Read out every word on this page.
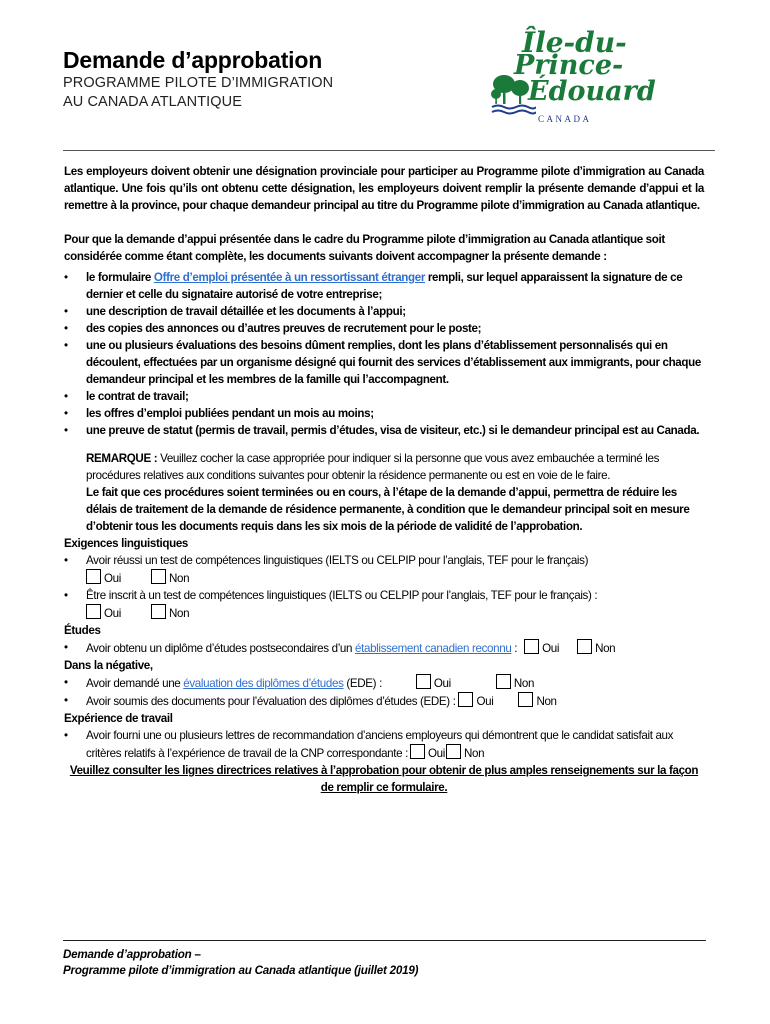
Demande d’approbation
PROGRAMME PILOTE D’IMMIGRATION
AU CANADA ATLANTIQUE
Île-du-
Prince-
Édouard
CANADA

Les employeurs doivent obtenir une désignation provinciale pour participer au Programme pilote d’immigration au Canada atlantique. Une fois qu’ils ont obtenu cette désignation, les employeurs doivent remplir la présente demande d’appui et la remettre à la province, pour chaque demandeur principal au titre du Programme pilote d’immigration au Canada atlantique.

Pour que la demande d’appui présentée dans le cadre du Programme pilote d’immigration au Canada atlantique soit considérée comme étant complète, les documents suivants doivent accompagner la présente demande :

• le formulaire Offre d’emploi présentée à un ressortissant étranger rempli, sur lequel apparaissent la signature de ce dernier et celle du signataire autorisé de votre entreprise;
• une description de travail détaillée et les documents à l’appui;
• des copies des annonces ou d’autres preuves de recrutement pour le poste;
• une ou plusieurs évaluations des besoins dûment remplies, dont les plans d’établissement personnalisés qui en découlent, effectuées par un organisme désigné qui fournit des services d’établissement aux immigrants, pour chaque demandeur principal et les membres de la famille qui l’accompagnent.
• le contrat de travail;
• les offres d’emploi publiées pendant un mois au moins;
• une preuve de statut (permis de travail, permis d’études, visa de visiteur, etc.) si le demandeur principal est au Canada.

REMARQUE : Veuillez cocher la case appropriée pour indiquer si la personne que vous avez embauchée a terminé les procédures relatives aux conditions suivantes pour obtenir la résidence permanente ou est en voie de le faire.

Le fait que ces procédures soient terminées ou en cours, à l’étape de la demande d’appui, permettra de réduire les délais de traitement de la demande de résidence permanente, à condition que le demandeur principal soit en mesure d’obtenir tous les documents requis dans les six mois de la période de validité de l’approbation.

Exigences linguistiques

• Avoir réussi un test de compétences linguistiques (IELTS ou CELPIP pour l’anglais, TEF pour le français)
Oui	Non
• Être inscrit à un test de compétences linguistiques (IELTS ou CELPIP pour l’anglais, TEF pour le français) :
Oui	Non

Études

• Avoir obtenu un diplôme d’études postsecondaires d’un établissement canadien reconnu : Oui	Non

Dans la négative,

• Avoir demandé une évaluation des diplômes d’études (EDE) :	Oui	Non
• Avoir soumis des documents pour l’évaluation des diplômes d’études (EDE) : Oui	Non

Expérience de travail

• Avoir fourni une ou plusieurs lettres de recommandation d’anciens employeurs qui démontrent que le candidat satisfait aux critères relatifs à l’expérience de travail de la CNP correspondante : Oui Non

Veuillez consulter les lignes directrices relatives à l’approbation pour obtenir de plus amples renseignements sur la façon de remplir ce formulaire.

Demande d’approbation –
Programme pilote d’immigration au Canada atlantique (juillet 2019)
